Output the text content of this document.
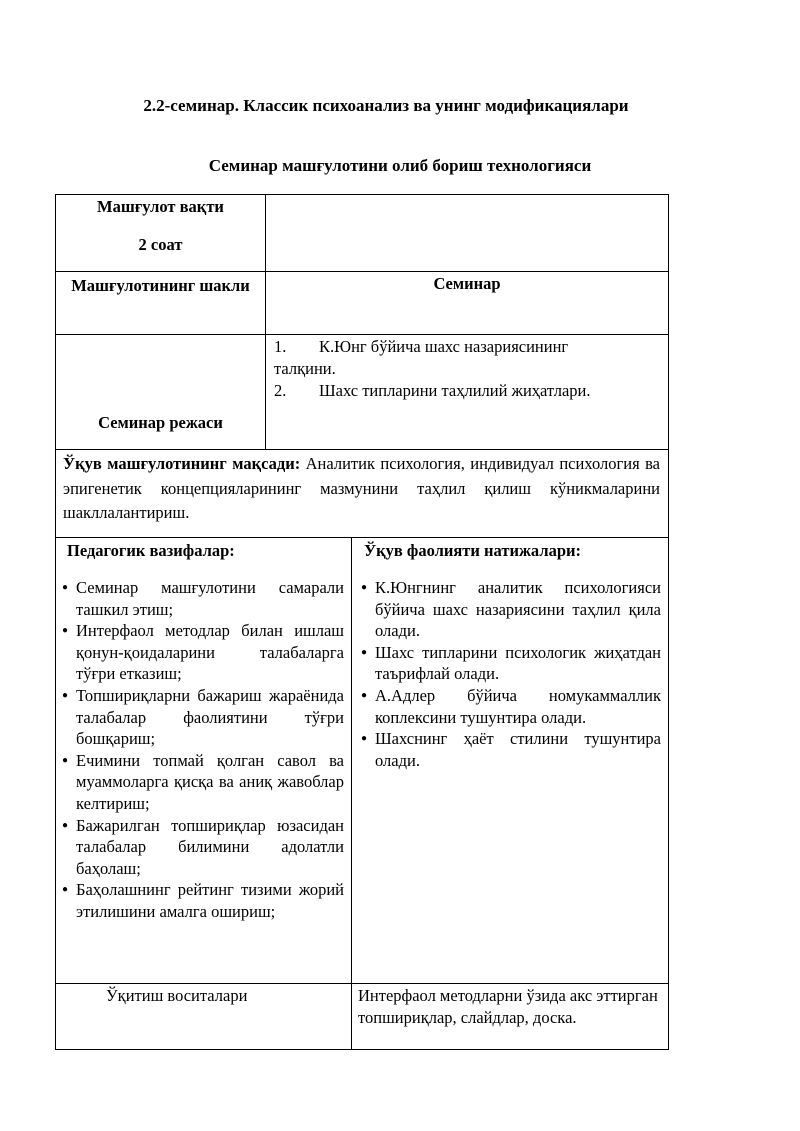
2.2-семинар. Классик психоанализ ва унинг модификациялари
Семинар машғулотини олиб бориш технологияси
Машғулот вақти
2 соат
Машғулотининг шакли	Семинар
Семинар режаси
1. К.Юнг бўйича шахс назариясининг талқини.
2. Шахс типларини таҳлилий жиҳатлари.
Ўқув машғулотининг мақсади: Аналитик психология, индивидуал психология ва эпигенетик концепцияларининг мазмунини таҳлил қилиш кўникмаларини шакллалантириш.
Педагогик вазифалар:
● Семинар машғулотини самарали ташкил этиш;
● Интерфаол методлар билан ишлаш қонун-қоидаларини талабаларга тўғри етказиш;
● Топшириқларни бажариш жараёнида талабалар фаолиятини тўғри бошқариш;
● Ечимини топмай қолган савол ва муаммоларга қисқа ва аниқ жавоблар келтириш;
● Бажарилган топшириқлар юзасидан талабалар билимини адолатли баҳолаш;
● Баҳолашнинг рейтинг тизими жорий этилишини амалга ошириш;
Ўқув фаолияти натижалари:
● К.Юнгнинг аналитик психологияси бўйича шахс назариясини таҳлил қила олади.
● Шахс типларини психологик жиҳатдан таърифлай олади.
● А.Адлер бўйича номукаммаллик коплексини тушунтира олади.
● Шахснинг ҳаёт стилини тушунтира олади.
Ўқитиш воситалари	Интерфаол методларни ўзида акс эттирган топшириқлар, слайдлар, доска.
